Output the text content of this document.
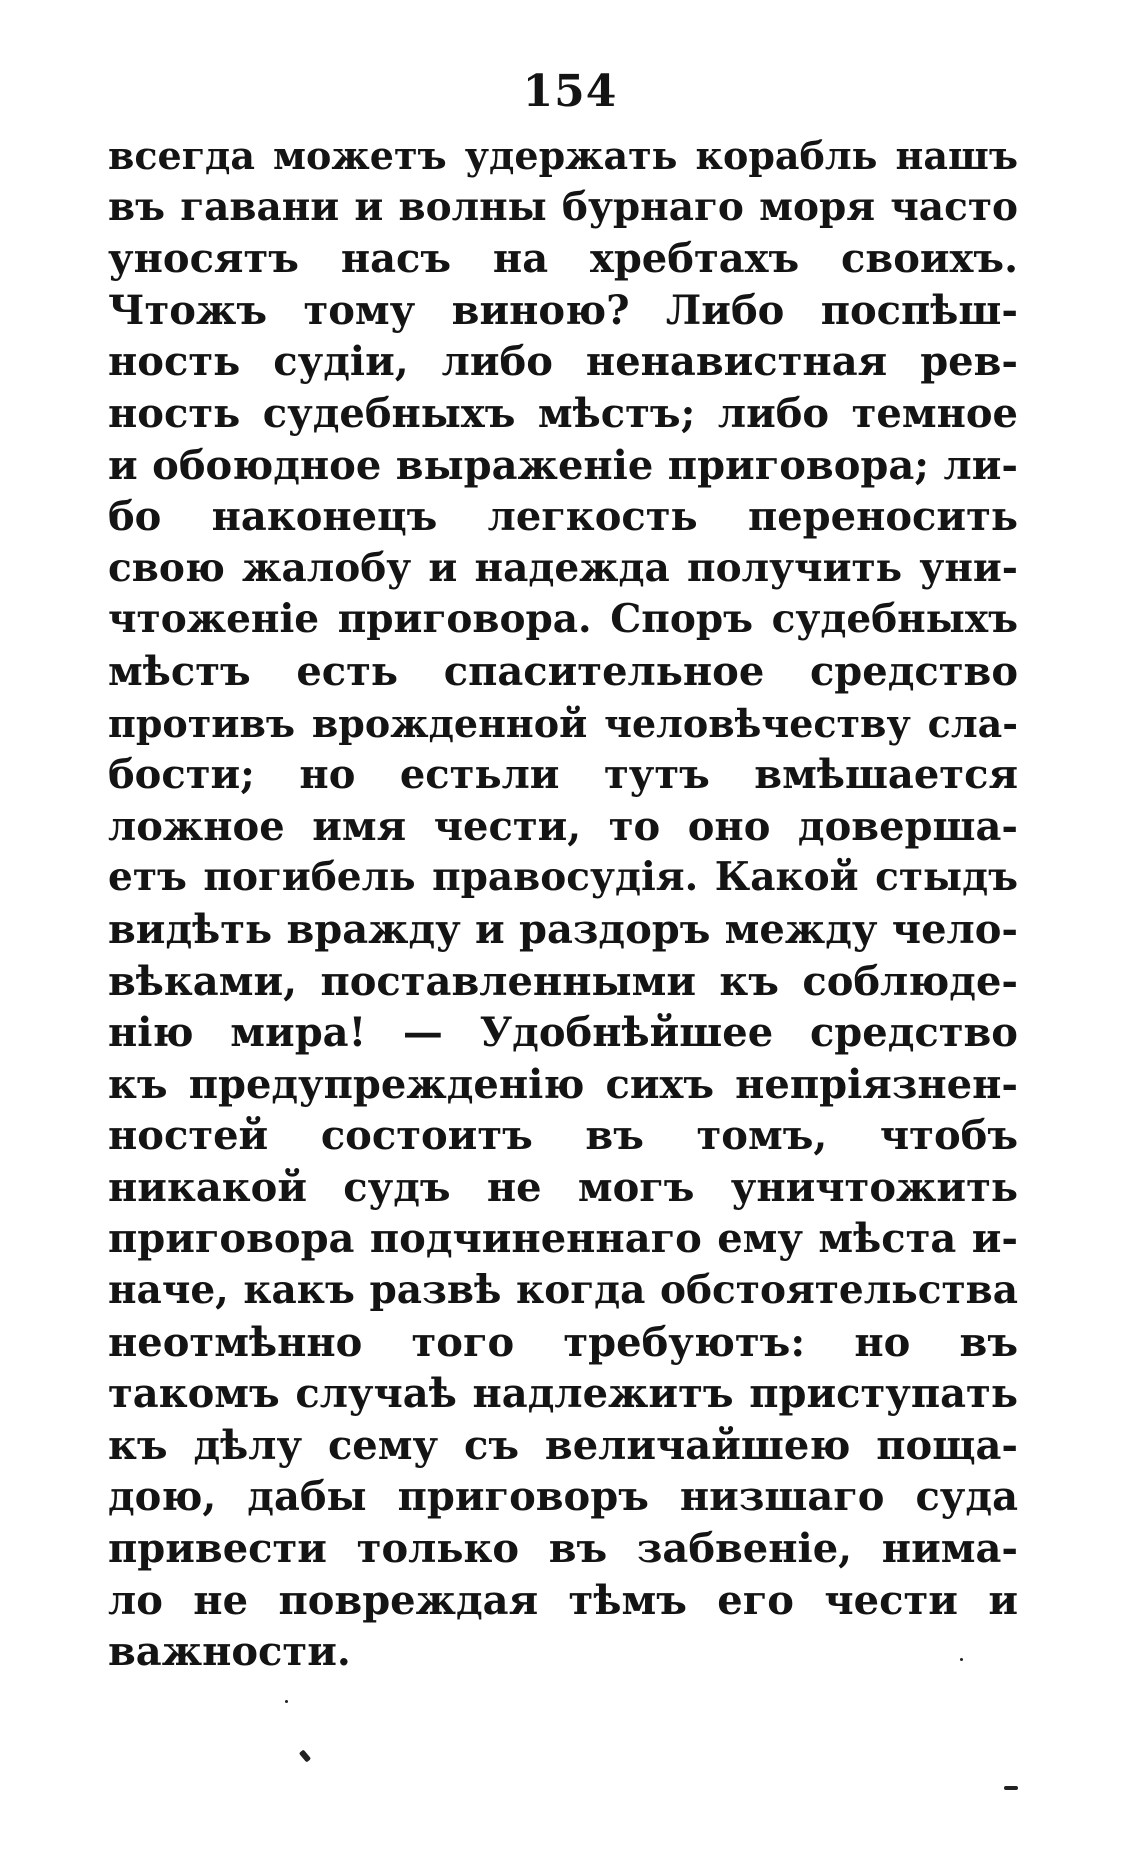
154
всегда можетъ удержать корабль нашъ
въ гавани и волны бурнаго моря часто
уносятъ насъ на хребтахъ своихъ.
Чтожъ тому виною? Либо поспѣш-
ность судіи, либо ненавистная рев-
ность судебныхъ мѣстъ; либо темное
и обоюдное выраженіе приговора; ли-
бо наконецъ легкость переносить
свою жалобу и надежда получить уни-
чтоженіе приговора. Споръ судебныхъ
мѣстъ есть спасительное средство
противъ врожденной человѣчеству сла-
бости; но естьли тутъ вмѣшается
ложное имя чести, то оно доверша-
етъ погибель правосудія. Какой стыдъ
видѣть вражду и раздоръ между чело-
вѣками, поставленными къ соблюде-
нію мира! — Удобнѣйшее средство
къ предупрежденію сихъ непріязнен-
ностей состоитъ въ томъ, чтобъ
никакой судъ не могъ уничтожить
приговора подчиненнаго ему мѣста и-
наче, какъ развѣ когда обстоятельства
неотмѣнно того требуютъ: но въ
такомъ случаѣ надлежитъ приступать
къ дѣлу сему съ величайшею поща-
дою, дабы приговоръ низшаго суда
привести только въ забвеніе, нима-
ло не повреждая тѣмъ его чести и
важности.
